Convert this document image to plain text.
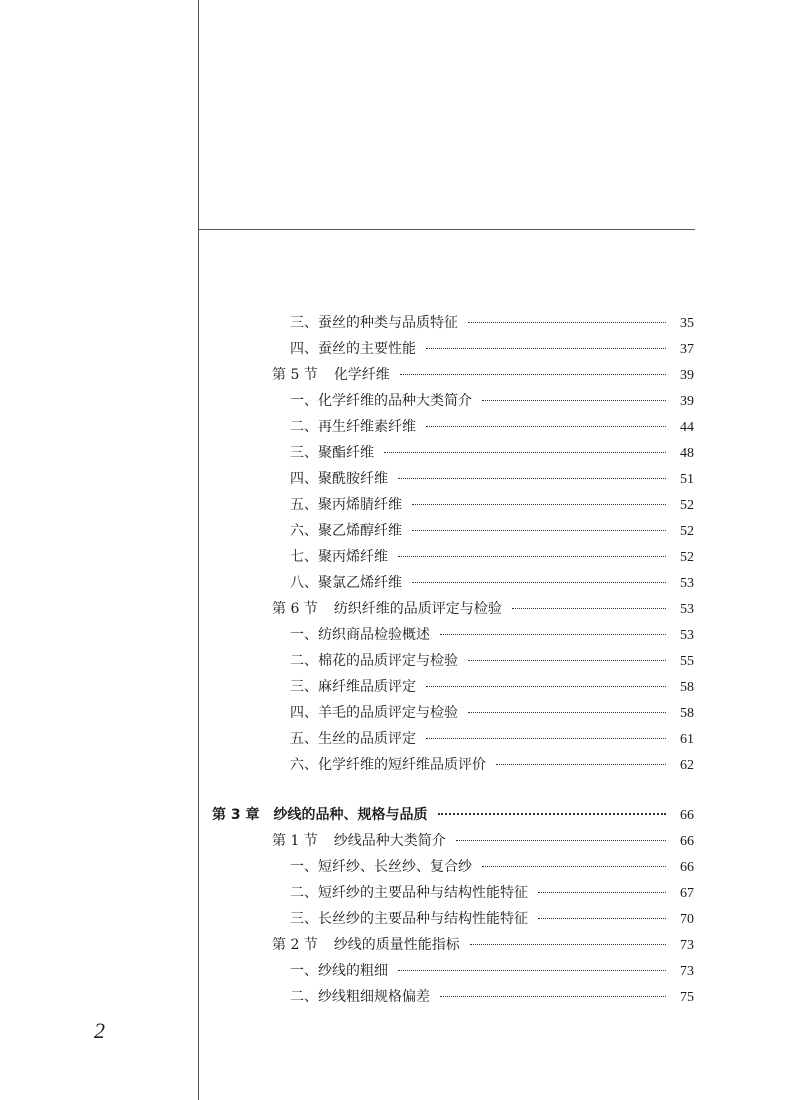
三、蚕丝的种类与品质特征	35
四、蚕丝的主要性能	37
第 5 节 化学纤维	39
一、化学纤维的品种大类简介	39
二、再生纤维素纤维	44
三、聚酯纤维	48
四、聚酰胺纤维	51
五、聚丙烯腈纤维	52
六、聚乙烯醇纤维	52
七、聚丙烯纤维	52
八、聚氯乙烯纤维	53
第 6 节 纺织纤维的品质评定与检验	53
一、纺织商品检验概述	53
二、棉花的品质评定与检验	55
三、麻纤维品质评定	58
四、羊毛的品质评定与检验	58
五、生丝的品质评定	61
六、化学纤维的短纤维品质评价	62
第 3 章 纱线的品种、规格与品质	66
第 1 节 纱线品种大类简介	66
一、短纤纱、长丝纱、复合纱	66
二、短纤纱的主要品种与结构性能特征	67
三、长丝纱的主要品种与结构性能特征	70
第 2 节 纱线的质量性能指标	73
一、纱线的粗细	73
二、纱线粗细规格偏差	75
2
